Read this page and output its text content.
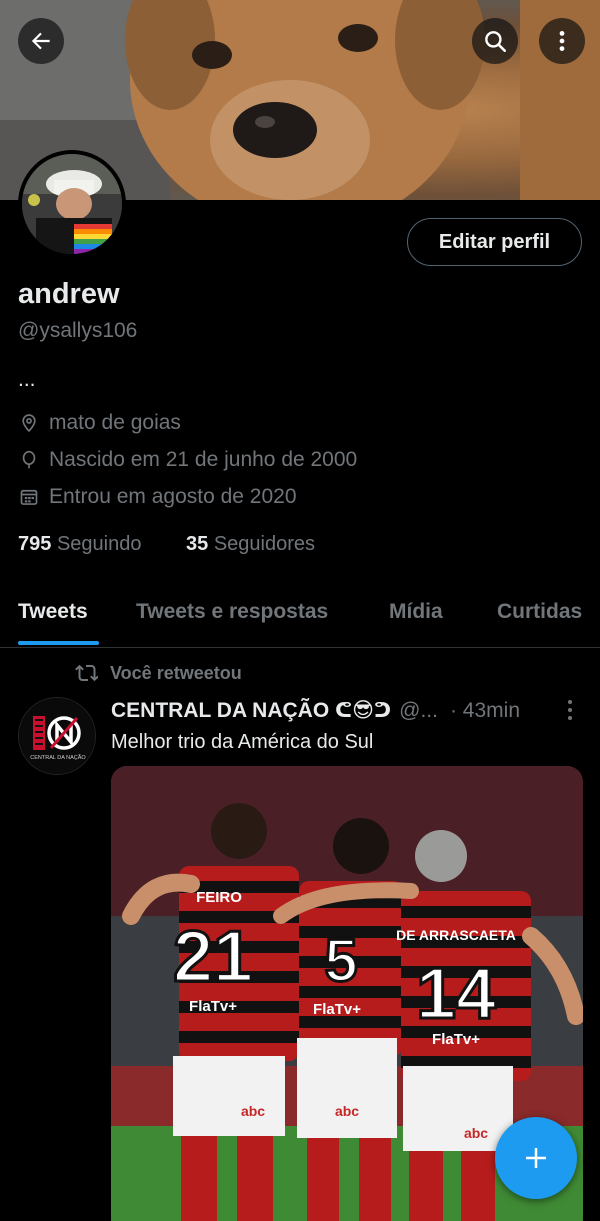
Editar perfil
andrew
@ysallys106
...
mato de goias
Nascido em 21 de junho de 2000
Entrou em agosto de 2020
795 Seguindo 35 Seguidores
Tweets Tweets e respostas	Mídia	Curtidas
Você retweetou
CENTRAL DA NAÇÃO
CENTRAL DA NAÇÃO ᕦ😎ᕤ @... · 43min
Melhor trio da América do Sul
FEIRO
21
FlaTv+
5
FlaTv+
abc
DE ARRASCAETA
14
FlaTv+
abc
abc
